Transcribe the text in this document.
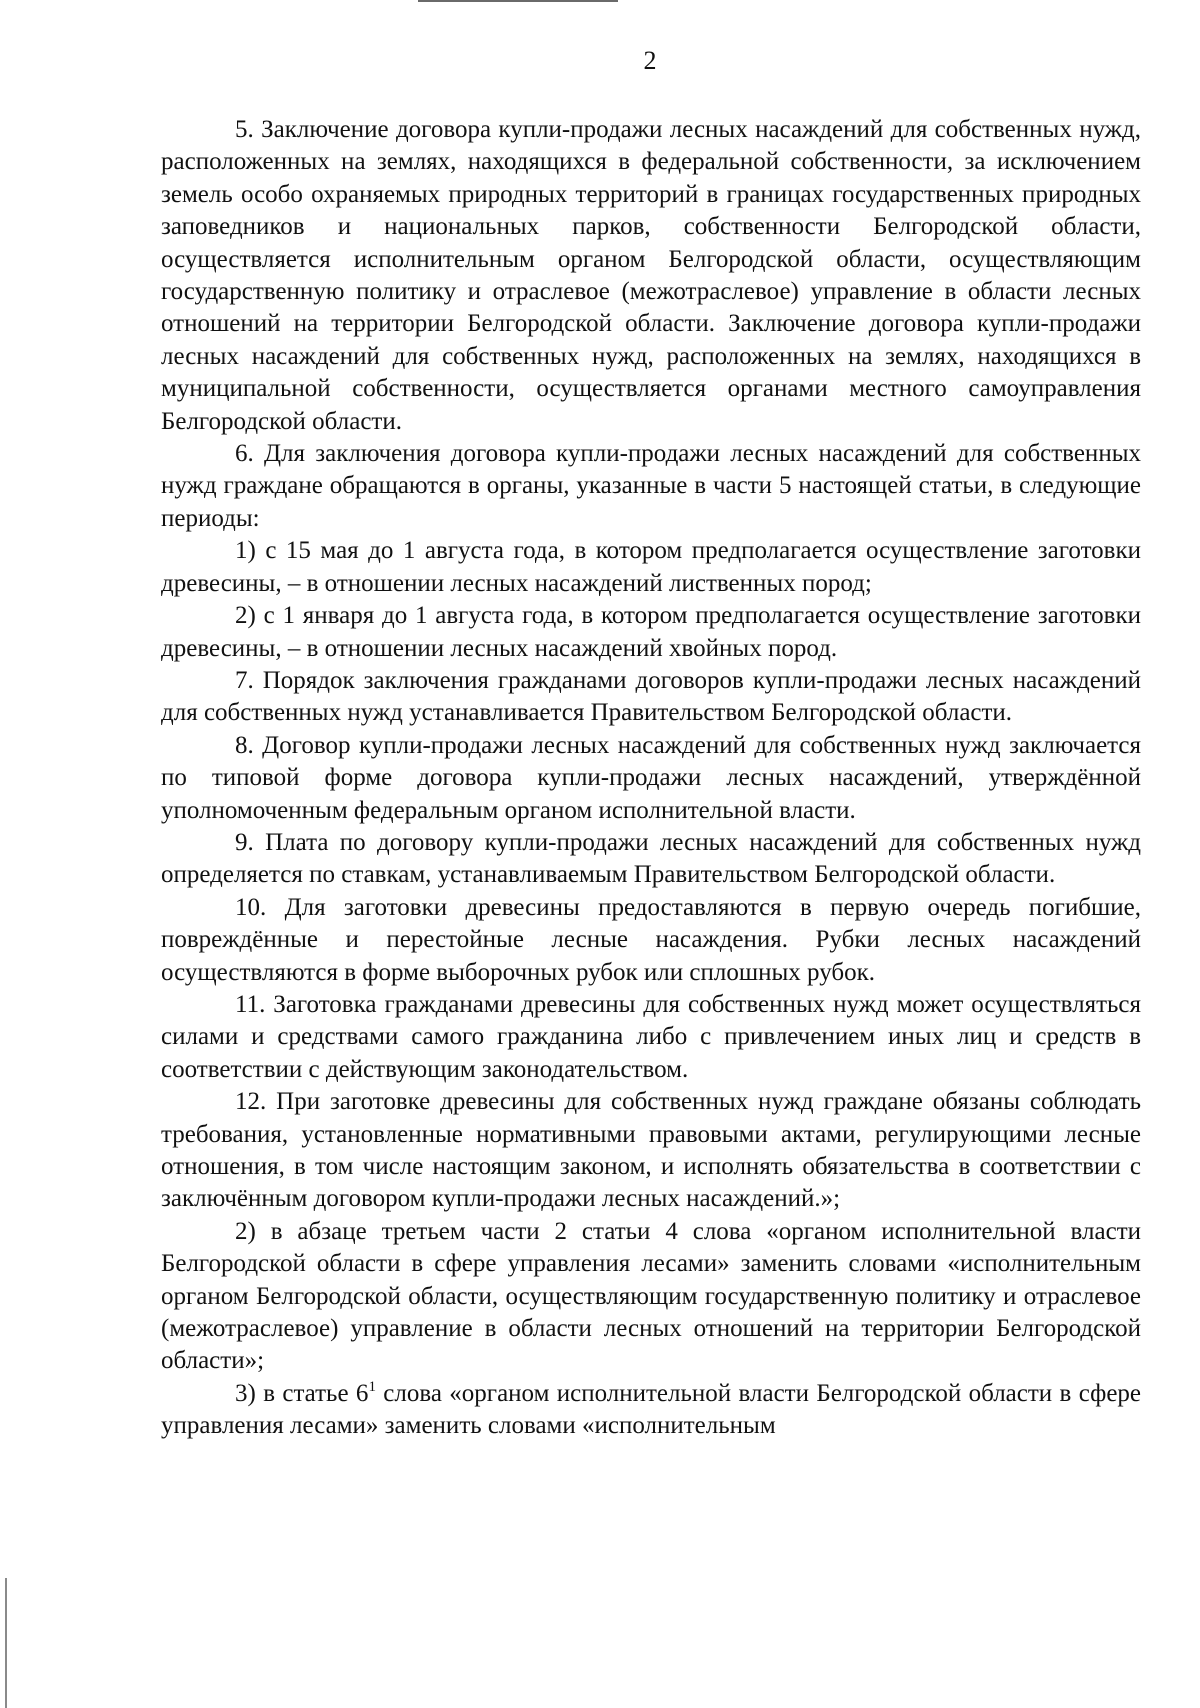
2

5. Заключение договора купли-продажи лесных насаждений для собственных нужд, расположенных на землях, находящихся в федеральной собственности, за исключением земель особо охраняемых природных территорий в границах государственных природных заповедников и национальных парков, собственности Белгородской области, осуществляется исполнительным органом Белгородской области, осуществляющим государственную политику и отраслевое (межотраслевое) управление в области лесных отношений на территории Белгородской области. Заключение договора купли-продажи лесных насаждений для собственных нужд, расположенных на землях, находящихся в муниципальной собственности, осуществляется органами местного самоуправления Белгородской области.

6. Для заключения договора купли-продажи лесных насаждений для собственных нужд граждане обращаются в органы, указанные в части 5 настоящей статьи, в следующие периоды:

1) с 15 мая до 1 августа года, в котором предполагается осуществление заготовки древесины, – в отношении лесных насаждений лиственных пород;

2) с 1 января до 1 августа года, в котором предполагается осуществление заготовки древесины, – в отношении лесных насаждений хвойных пород.

7. Порядок заключения гражданами договоров купли-продажи лесных насаждений для собственных нужд устанавливается Правительством Белгородской области.

8. Договор купли-продажи лесных насаждений для собственных нужд заключается по типовой форме договора купли-продажи лесных насаждений, утверждённой уполномоченным федеральным органом исполнительной власти.

9. Плата по договору купли-продажи лесных насаждений для собственных нужд определяется по ставкам, устанавливаемым Правительством Белгородской области.

10. Для заготовки древесины предоставляются в первую очередь погибшие, повреждённые и перестойные лесные насаждения. Рубки лесных насаждений осуществляются в форме выборочных рубок или сплошных рубок.

11. Заготовка гражданами древесины для собственных нужд может осуществляться силами и средствами самого гражданина либо с привлечением иных лиц и средств в соответствии с действующим законодательством.

12. При заготовке древесины для собственных нужд граждане обязаны соблюдать требования, установленные нормативными правовыми актами, регулирующими лесные отношения, в том числе настоящим законом, и исполнять обязательства в соответствии с заключённым договором купли-продажи лесных насаждений.»;

2) в абзаце третьем части 2 статьи 4 слова «органом исполнительной власти Белгородской области в сфере управления лесами» заменить словами «исполнительным органом Белгородской области, осуществляющим государственную политику и отраслевое (межотраслевое) управление в области лесных отношений на территории Белгородской области»;

3) в статье $6^1$ слова «органом исполнительной власти Белгородской области в сфере управления лесами» заменить словами «исполнительным
